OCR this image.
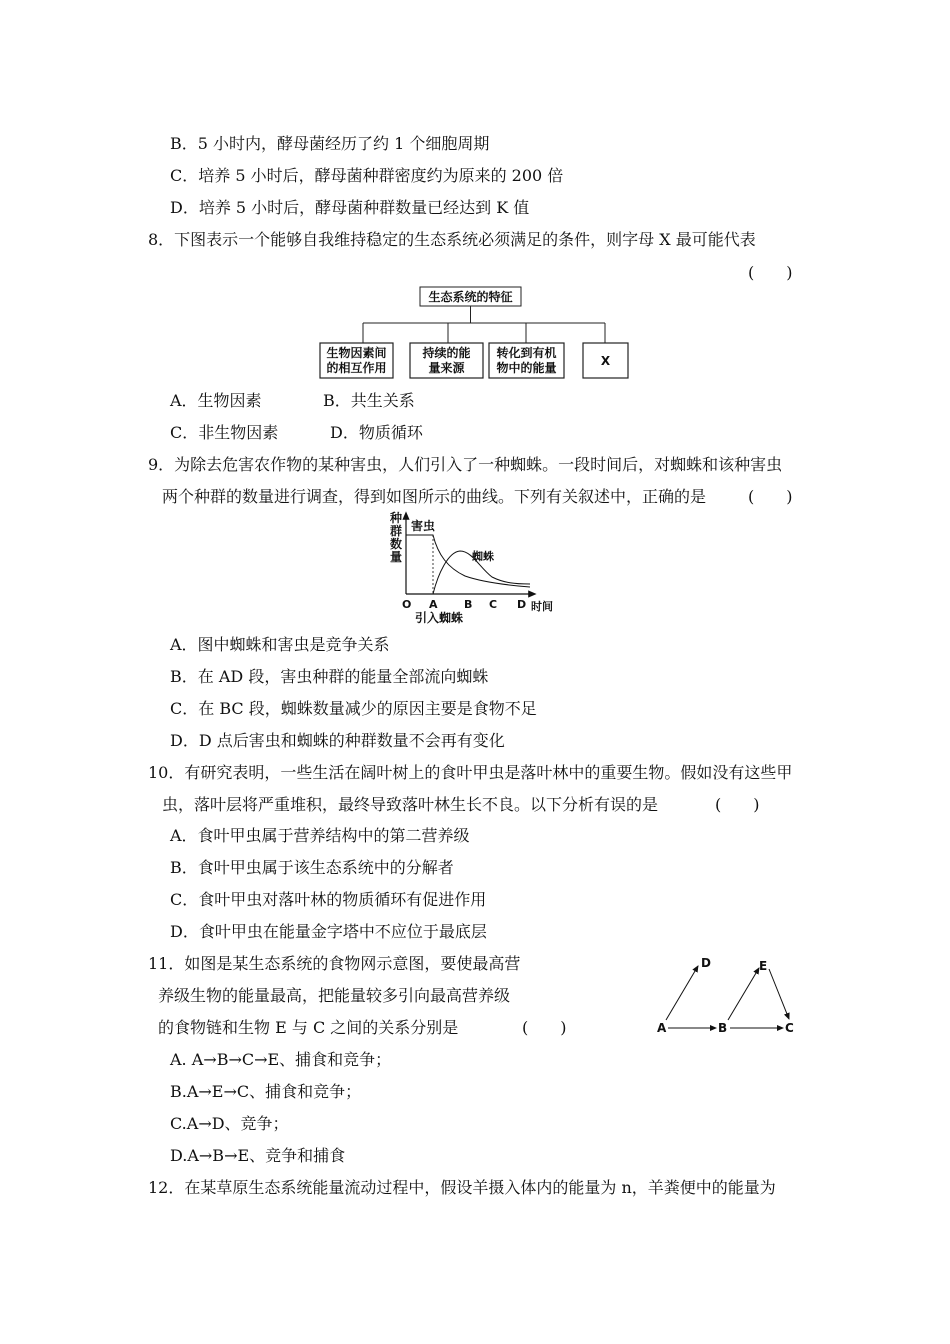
B．5 小时内，酵母菌经历了约 1 个细胞周期
C．培养 5 小时后，酵母菌种群密度约为原来的 200 倍
D．培养 5 小时后，酵母菌种群数量已经达到 K 值
8．下图表示一个能够自我维持稳定的生态系统必须满足的条件，则字母 X 最可能代表
(　　)
生态系统的特征
生物因素间
的相互作用
持续的能
量来源
转化到有机
物中的能量	X
A．生物因素	B．共生关系
C．非生物因素	D．物质循环
9．为除去危害农作物的某种害虫，人们引入了一种蜘蛛。一段时间后，对蜘蛛和该种害虫
两个种群的数量进行调查，得到如图所示的曲线。下列有关叙述中，正确的是	(　　)
种
群
数
量
害虫
蜘蛛
O A B C D 时间
引入蜘蛛
A．图中蜘蛛和害虫是竞争关系
B．在 AD 段，害虫种群的能量全部流向蜘蛛
C．在 BC 段，蜘蛛数量减少的原因主要是食物不足
D．D 点后害虫和蜘蛛的种群数量不会再有变化
10．有研究表明，一些生活在阔叶树上的食叶甲虫是落叶林中的重要生物。假如没有这些甲
虫，落叶层将严重堆积，最终导致落叶林生长不良。以下分析有误的是	(　　)
A．食叶甲虫属于营养结构中的第二营养级
B．食叶甲虫属于该生态系统中的分解者
C．食叶甲虫对落叶林的物质循环有促进作用
D．食叶甲虫在能量金字塔中不应位于最底层
11．如图是某生态系统的食物网示意图，要使最高营
养级生物的能量最高，把能量较多引向最高营养级
的食物链和生物 E 与 C 之间的关系分别是	(　　)	A	B	C
D	E
A. A→B→C→E、捕食和竞争；
B.A→E→C、捕食和竞争；
C.A→D、竞争；
D.A→B→E、竞争和捕食
12．在某草原生态系统能量流动过程中，假设羊摄入体内的能量为 n，羊粪便中的能量为
